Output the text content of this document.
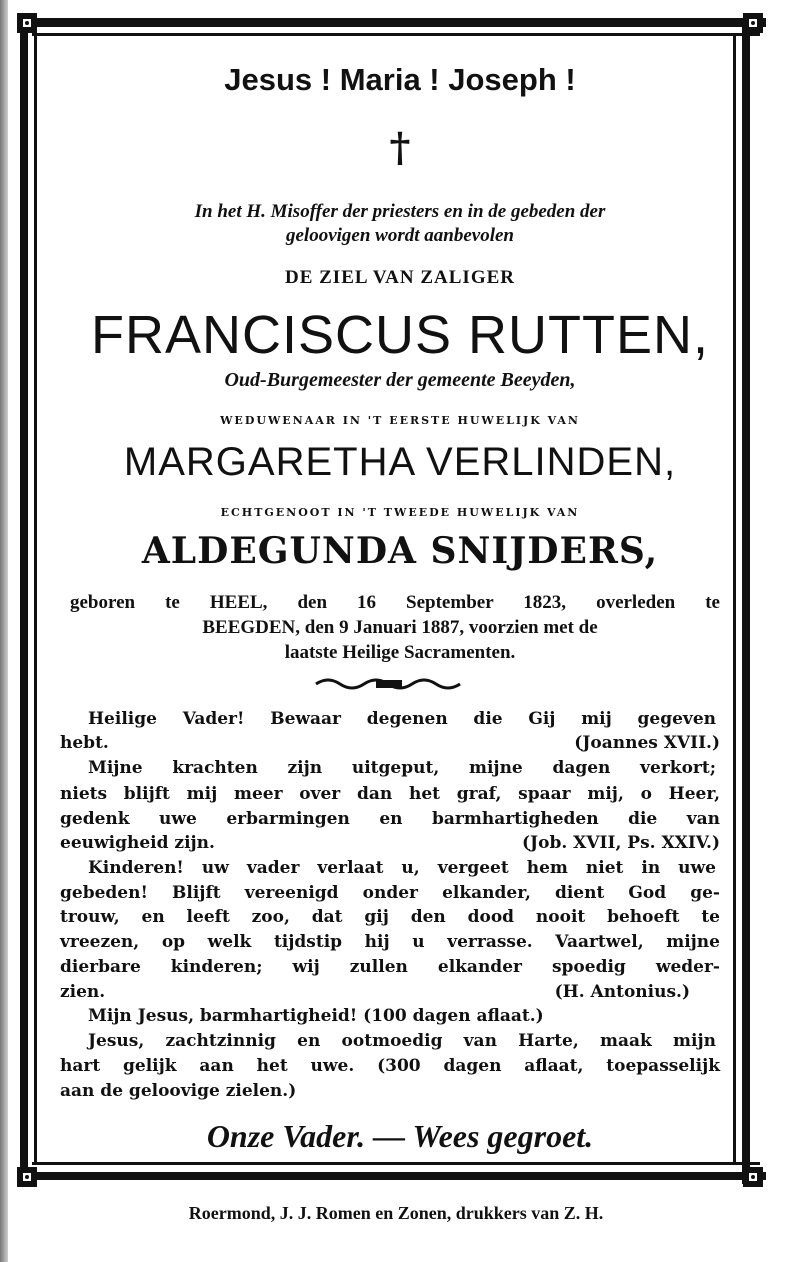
Jesus ! Maria ! Joseph !
†
In het H. Misoffer der priesters en in de gebeden der
geloovigen wordt aanbevolen
DE ZIEL VAN ZALIGER
FRANCISCUS RUTTEN,
Oud-Burgemeester der gemeente Beeyden,
WEDUWENAAR IN 'T EERSTE HUWELIJK VAN
MARGARETHA VERLINDEN,
ECHTGENOOT IN 'T TWEEDE HUWELIJK VAN
ALDEGUNDA SNIJDERS,
geboren te HEEL, den 16 September 1823, overleden te
BEEGDEN, den 9 Januari 1887, voorzien met de
laatste Heilige Sacramenten.
Heilige Vader! Bewaar degenen die Gij mij gegeven
hebt.	(Joannes XVII.)
Mijne krachten zijn uitgeput, mijne dagen verkort;
niets blijft mij meer over dan het graf, spaar mij, o Heer,
gedenk uwe erbarmingen en barmhartigheden die van
eeuwigheid zijn.	(Job. XVII, Ps. XXIV.)
Kinderen! uw vader verlaat u, vergeet hem niet in uwe
gebeden! Blijft vereenigd onder elkander, dient God ge-
trouw, en leeft zoo, dat gij den dood nooit behoeft te
vreezen, op welk tijdstip hij u verrasse. Vaartwel, mijne
dierbare kinderen; wij zullen elkander spoedig weder-
zien.	(H. Antonius.)
Mijn Jesus, barmhartigheid! (100 dagen aflaat.)
Jesus, zachtzinnig en ootmoedig van Harte, maak mijn
hart gelijk aan het uwe. (300 dagen aflaat, toepasselijk
aan de geloovige zielen.)
Onze Vader. — Wees gegroet.
Roermond, J. J. Romen en Zonen, drukkers van Z. H.
